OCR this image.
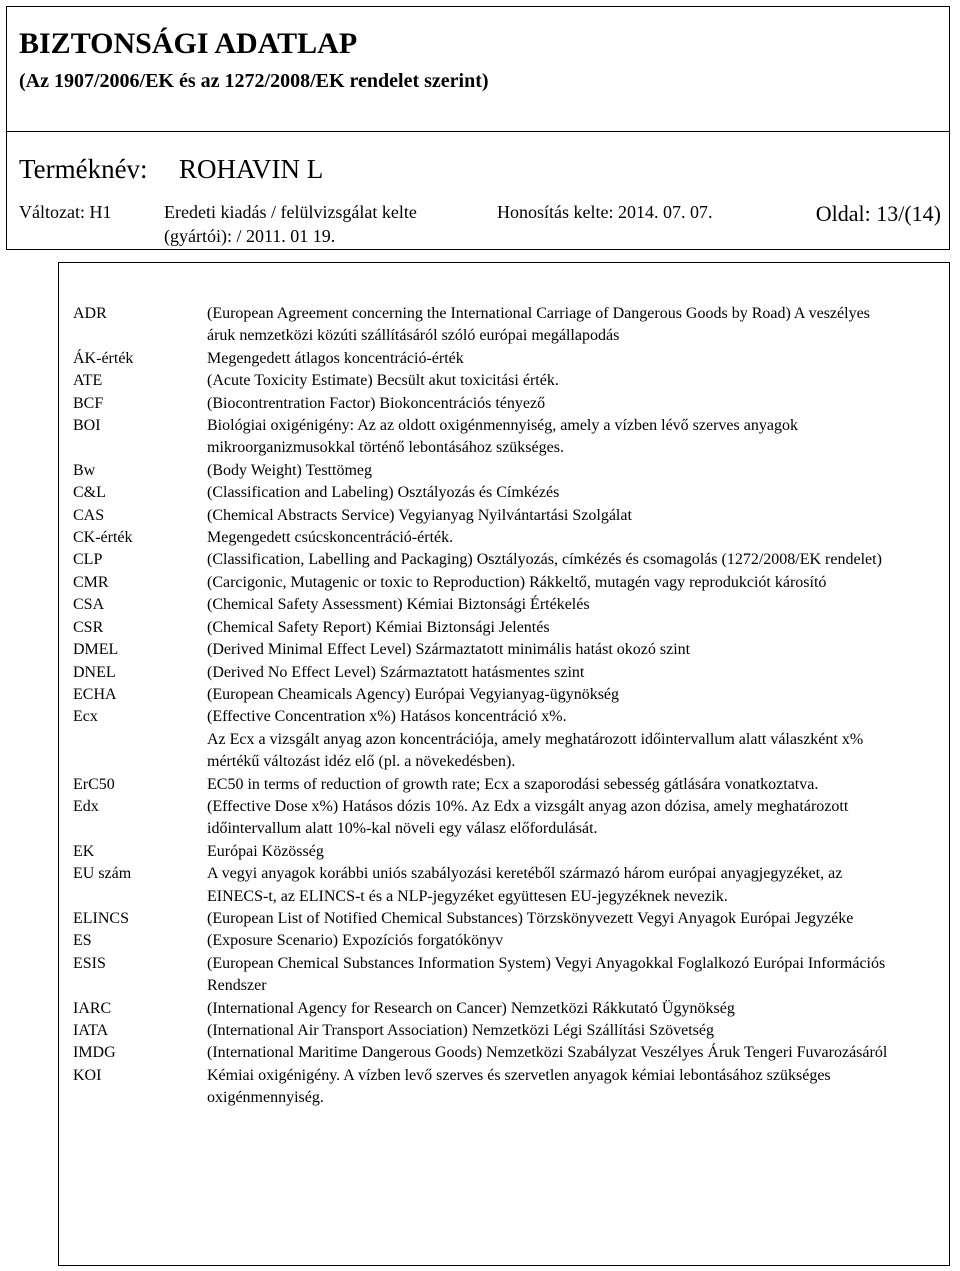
BIZTONSÁGI ADATLAP
(Az 1907/2006/EK és az 1272/2008/EK rendelet szerint)
Terméknév: ROHAVIN L
Változat: H1	Eredeti kiadás / felülvizsgálat kelte
(gyártói): / 2011. 01 19.
Honosítás kelte: 2014. 07. 07.	Oldal: 13/(14)
ADR	(European Agreement concerning the International Carriage of Dangerous Goods by Road) A veszélyes áruk nemzetközi közúti szállításáról szóló európai megállapodás

ÁK-érték	Megengedett átlagos koncentráció-érték

ATE	(Acute Toxicity Estimate) Becsült akut toxicitási érték.

BCF	(Biocontrentration Factor) Biokoncentrációs tényező

BOI	Biológiai oxigénigény: Az az oldott oxigénmennyiség, amely a vízben lévő szerves anyagok mikroorganizmusokkal történő lebontásához szükséges.

Bw	(Body Weight) Testtömeg

C&L	(Classification and Labeling) Osztályozás és Címkézés

CAS	(Chemical Abstracts Service) Vegyianyag Nyilvántartási Szolgálat

CK-érték	Megengedett csúcskoncentráció-érték.

CLP	(Classification, Labelling and Packaging) Osztályozás, címkézés és csomagolás (1272/2008/EK rendelet)

CMR	(Carcigonic, Mutagenic or toxic to Reproduction) Rákkeltő, mutagén vagy reprodukciót károsító

CSA	(Chemical Safety Assessment) Kémiai Biztonsági Értékelés

CSR	(Chemical Safety Report) Kémiai Biztonsági Jelentés

DMEL	(Derived Minimal Effect Level) Származtatott minimális hatást okozó szint

DNEL	(Derived No Effect Level) Származtatott hatásmentes szint

ECHA	(European Cheamicals Agency) Európai Vegyianyag-ügynökség

Ecx	(Effective Concentration x%) Hatásos koncentráció x%.

Az Ecx a vizsgált anyag azon koncentrációja, amely meghatározott időintervallum alatt válaszként x% mértékű változást idéz elő (pl. a növekedésben).

ErC50	EC50 in terms of reduction of growth rate; Ecx a szaporodási sebesség gátlására vonatkoztatva.

Edx	(Effective Dose x%) Hatásos dózis 10%. Az Edx a vizsgált anyag azon dózisa, amely meghatározott időintervallum alatt 10%-kal növeli egy válasz előfordulását.

EK	Európai Közösség

EU szám	A vegyi anyagok korábbi uniós szabályozási keretéből származó három európai anyagjegyzéket, az EINECS-t, az ELINCS-t és a NLP-jegyzéket együttesen EU-jegyzéknek nevezik.

ELINCS	(European List of Notified Chemical Substances) Törzskönyvezett Vegyi Anyagok Európai Jegyzéke

ES	(Exposure Scenario) Expozíciós forgatókönyv

ESIS	(European Chemical Substances Information System) Vegyi Anyagokkal Foglalkozó Európai Információs Rendszer

IARC	(International Agency for Research on Cancer) Nemzetközi Rákkutató Ügynökség

IATA	(International Air Transport Association) Nemzetközi Légi Szállítási Szövetség

IMDG	(International Maritime Dangerous Goods) Nemzetközi Szabályzat Veszélyes Áruk Tengeri Fuvarozásáról

KOI	Kémiai oxigénigény. A vízben levő szerves és szervetlen anyagok kémiai lebontásához szükséges oxigénmennyiség.
